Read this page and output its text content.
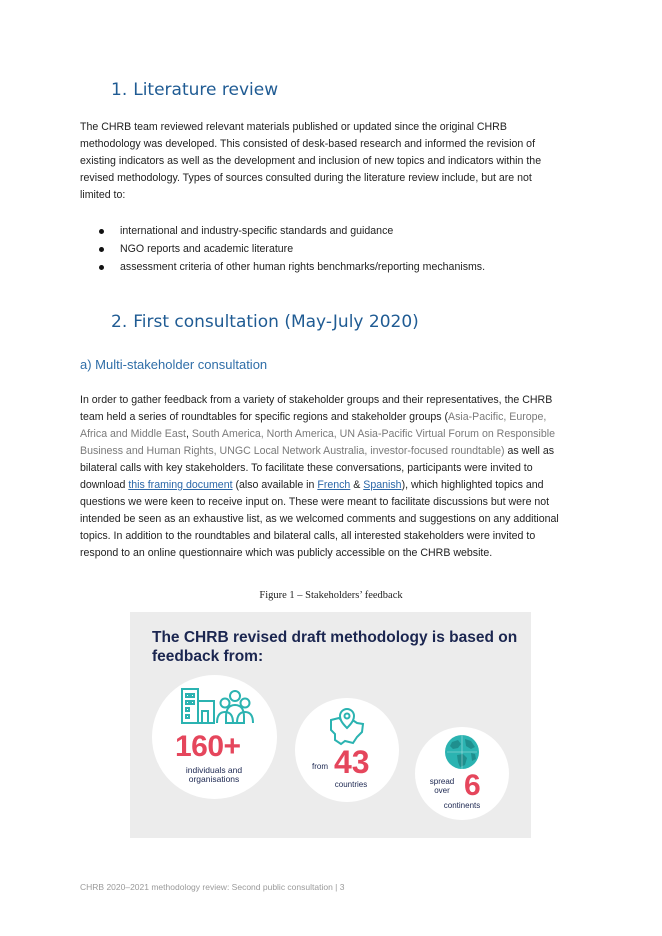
1. Literature review
The CHRB team reviewed relevant materials published or updated since the original CHRB
methodology was developed. This consisted of desk-based research and informed the revision of
existing indicators as well as the development and inclusion of new topics and indicators within the
revised methodology. Types of sources consulted during the literature review include, but are not
limited to:
international and industry-specific standards and guidance
NGO reports and academic literature
assessment criteria of other human rights benchmarks/reporting mechanisms.
2. First consultation (May-July 2020)
a) Multi-stakeholder consultation
In order to gather feedback from a variety of stakeholder groups and their representatives, the CHRB
team held a series of roundtables for specific regions and stakeholder groups (Asia-Pacific, Europe,
Africa and Middle East, South America, North America, UN Asia-Pacific Virtual Forum on Responsible
Business and Human Rights, UNGC Local Network Australia, investor-focused roundtable) as well as
bilateral calls with key stakeholders. To facilitate these conversations, participants were invited to
download this framing document (also available in French & Spanish), which highlighted topics and
questions we were keen to receive input on. These were meant to facilitate discussions but were not
intended be seen as an exhaustive list, as we welcomed comments and suggestions on any additional
topics. In addition to the roundtables and bilateral calls, all interested stakeholders were invited to
respond to an online questionnaire which was publicly accessible on the CHRB website.
Figure 1 – Stakeholders’ feedback
The CHRB revised draft methodology is based on
feedback from:
160+
individuals and
organisations
from 43
countries	spread
over 6
continents
CHRB 2020–2021 methodology review: Second public consultation | 3
